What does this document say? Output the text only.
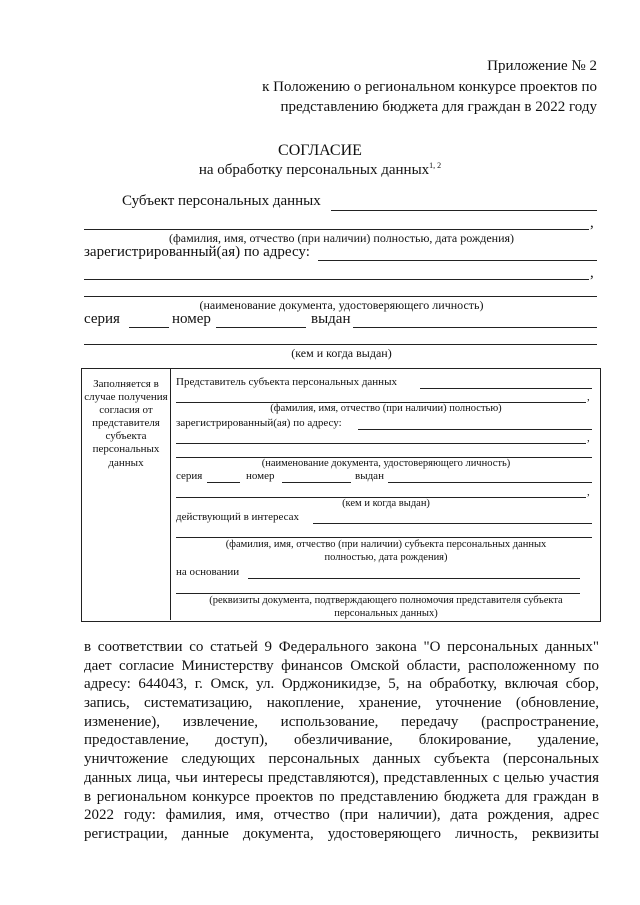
Приложение № 2
к Положению о региональном конкурсе проектов по
представлению бюджета для граждан в 2022 году
СОГЛАСИЕ
на обработку персональных данных$^{1, 2}$
Субъект персональных данных
,
(фамилия, имя, отчество (при наличии) полностью, дата рождения)
зарегистрированный(ая) по адресу:
,
(наименование документа, удостоверяющего личность)
серия	номер	выдан
(кем и когда выдан)
Заполняется в случае получения согласия от представителя субъекта персональных данных
Представитель субъекта персональных данных
,
(фамилия, имя, отчество (при наличии) полностью)
зарегистрированный(ая) по адресу:
,
(наименование документа, удостоверяющего личность)
серия	номер	выдан
,
(кем и когда выдан)
действующий в интересах
(фамилия, имя, отчество (при наличии) субъекта персональных данных
полностью, дата рождения)
на основании
(реквизиты документа, подтверждающего полномочия представителя субъекта
персональных данных)
в соответствии со статьей 9 Федерального закона "О персональных данных"
дает согласие Министерству финансов Омской области, расположенному по
адресу: 644043, г. Омск, ул. Орджоникидзе, 5, на обработку, включая сбор,
запись, систематизацию, накопление, хранение, уточнение (обновление,
изменение), извлечение, использование, передачу (распространение,
предоставление, доступ), обезличивание, блокирование, удаление,
уничтожение следующих персональных данных субъекта (персональных
данных лица, чьи интересы представляются), представленных с целью участия
в региональном конкурсе проектов по представлению бюджета для граждан в
2022 году: фамилия, имя, отчество (при наличии), дата рождения, адрес
регистрации, данные документа, удостоверяющего личность, реквизиты
